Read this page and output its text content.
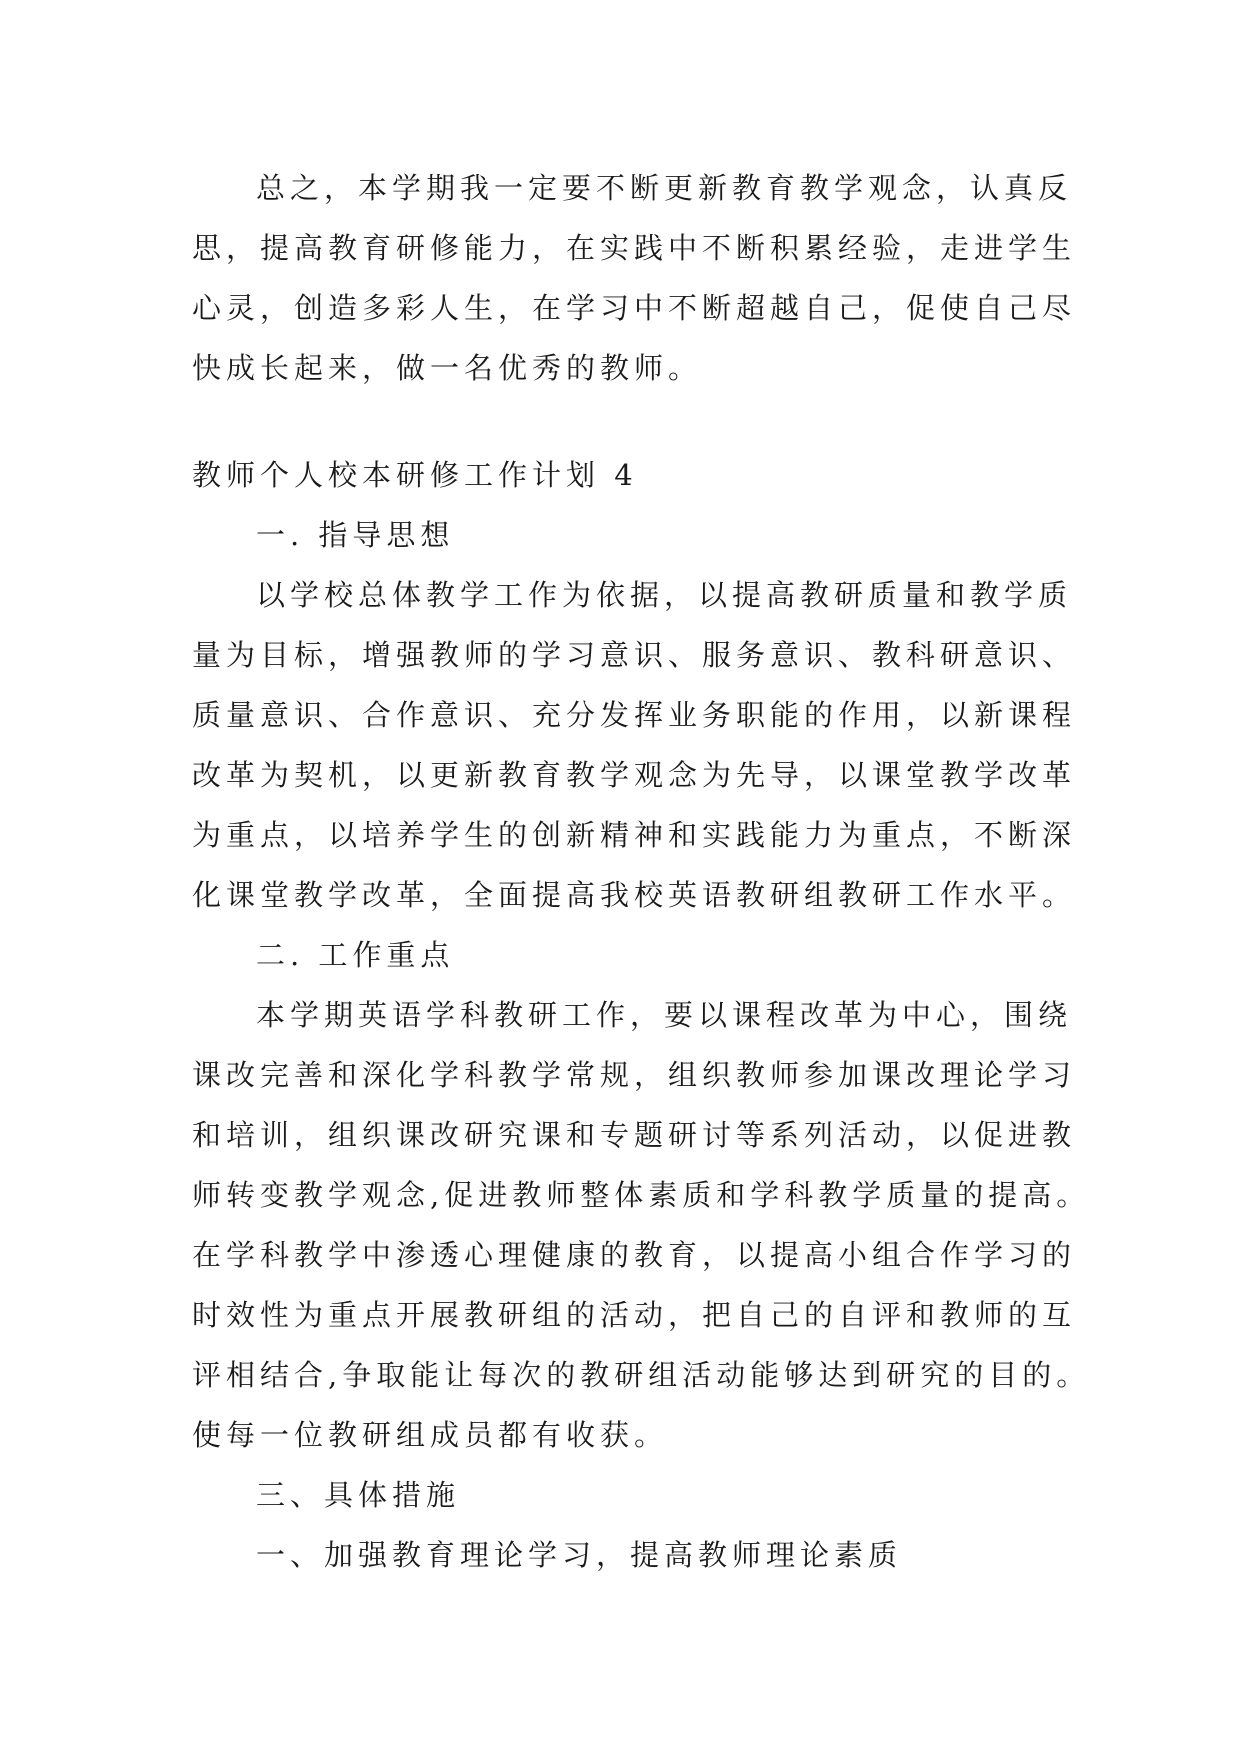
总之，本学期我一定要不断更新教育教学观念，认真反
思，提高教育研修能力，在实践中不断积累经验，走进学生
心灵，创造多彩人生，在学习中不断超越自己，促使自己尽
快成长起来，做一名优秀的教师。
教师个人校本研修工作计划 4
一. 指导思想
以学校总体教学工作为依据，以提高教研质量和教学质
量为目标，增强教师的学习意识、服务意识、教科研意识、
质量意识、合作意识、充分发挥业务职能的作用，以新课程
改革为契机，以更新教育教学观念为先导，以课堂教学改革
为重点，以培养学生的创新精神和实践能力为重点，不断深
化课堂教学改革，全面提高我校英语教研组教研工作水平。
二. 工作重点
本学期英语学科教研工作，要以课程改革为中心，围绕
课改完善和深化学科教学常规，组织教师参加课改理论学习
和培训，组织课改研究课和专题研讨等系列活动，以促进教
师转变教学观念,促进教师整体素质和学科教学质量的提高。
在学科教学中渗透心理健康的教育，以提高小组合作学习的
时效性为重点开展教研组的活动，把自己的自评和教师的互
评相结合,争取能让每次的教研组活动能够达到研究的目的。
使每一位教研组成员都有收获。
三、具体措施
一、加强教育理论学习，提高教师理论素质
